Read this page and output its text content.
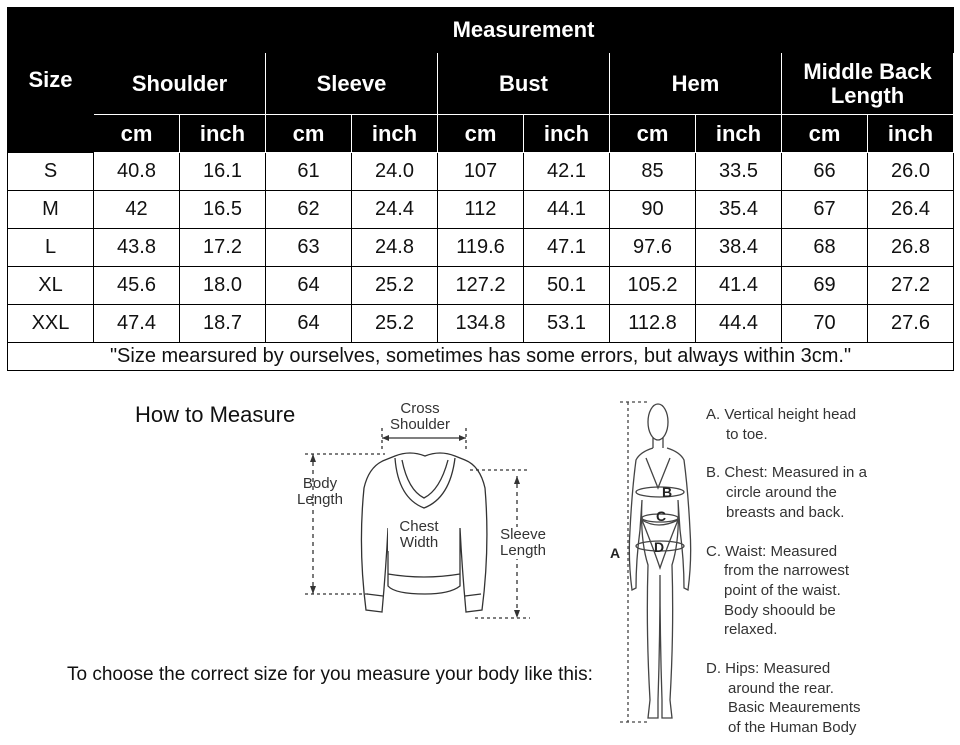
Size	Measurement									
	Shoulder		Sleeve		Bust		Hem		Middle Back Length	
	cm	inch	cm	inch	cm	inch	cm	inch	cm	inch
S	40.8	16.1	61	24.0	107	42.1	85	33.5	66	26.0
M	42	16.5	62	24.4	112	44.1	90	35.4	67	26.4
L	43.8	17.2	63	24.8	119.6	47.1	97.6	38.4	68	26.8
XL	45.6	18.0	64	25.2	127.2	50.1	105.2	41.4	69	27.2
XXL	47.4	18.7	64	25.2	134.8	53.1	112.8	44.4	70	27.6
"Size mearsured by ourselves, sometimes has some errors, but always within 3cm."										
How to Measure	Cross
Shoulder
Body
Length
Chest
Width	Sleeve
Length
To choose the correct size for you measure your body like this:
B
C
D
A
A. Vertical height head
to toe.
B. Chest: Measured in a
circle around the
breasts and back.
C. Waist: Measured
from the narrowest
point of the waist.
Body shoould be
relaxed.
D. Hips: Measured
around the rear.
Basic Meaurements
of the Human Body
